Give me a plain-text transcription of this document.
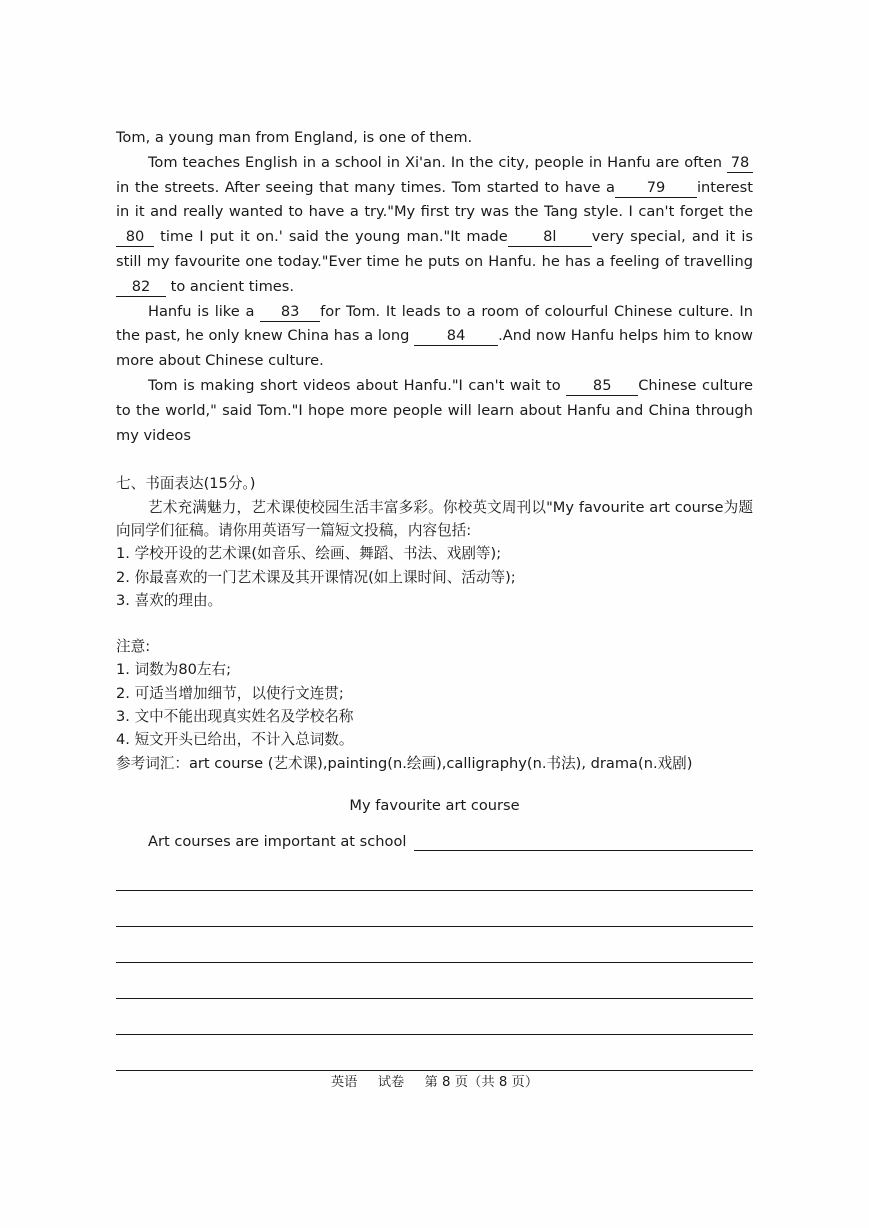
Tom, a young man from England, is one of them.

Tom teaches English in a school in Xi'an. In the city, people in Hanfu are often 78in the streets. After seeing that many times. Tom started to have a 79 interest in it and really wanted to have a try."My first try was the Tang style. I can't forget the 80 time I put it on.' said the young man."It made 8l very special, and it is still my favourite one today."Ever time he puts on Hanfu. he has a feeling of travelling 82 to ancient times.

Hanfu is like a 83 for Tom. It leads to a room of colourful Chinese culture. In the past, he only knew China has a long 84 .And now Hanfu helps him to know more about Chinese culture.

Tom is making short videos about Hanfu."I can't wait to 85 Chinese culture to the world," said Tom."I hope more people will learn about Hanfu and China through my videos

七、书面表达(15分。)

艺术充满魅力，艺术课使校园生活丰富多彩。你校英文周刊以"My favourite art course为题向同学们征稿。请你用英语写一篇短文投稿，内容包括:

1. 学校开设的艺术课(如音乐、绘画、舞蹈、书法、戏剧等);

2. 你最喜欢的一门艺术课及其开课情况(如上课时间、活动等);

3. 喜欢的理由。

注意:

1. 词数为80左右;

2. 可适当增加细节，以使行文连贯;

3. 文中不能出现真实姓名及学校名称

4. 短文开头已给出，不计入总词数。

参考词汇：art course (艺术课),painting(n.绘画),calligraphy(n.书法), drama(n.戏剧)

My favourite art course

Art courses are important at school
英语 试卷 第 8 页（共 8 页）
